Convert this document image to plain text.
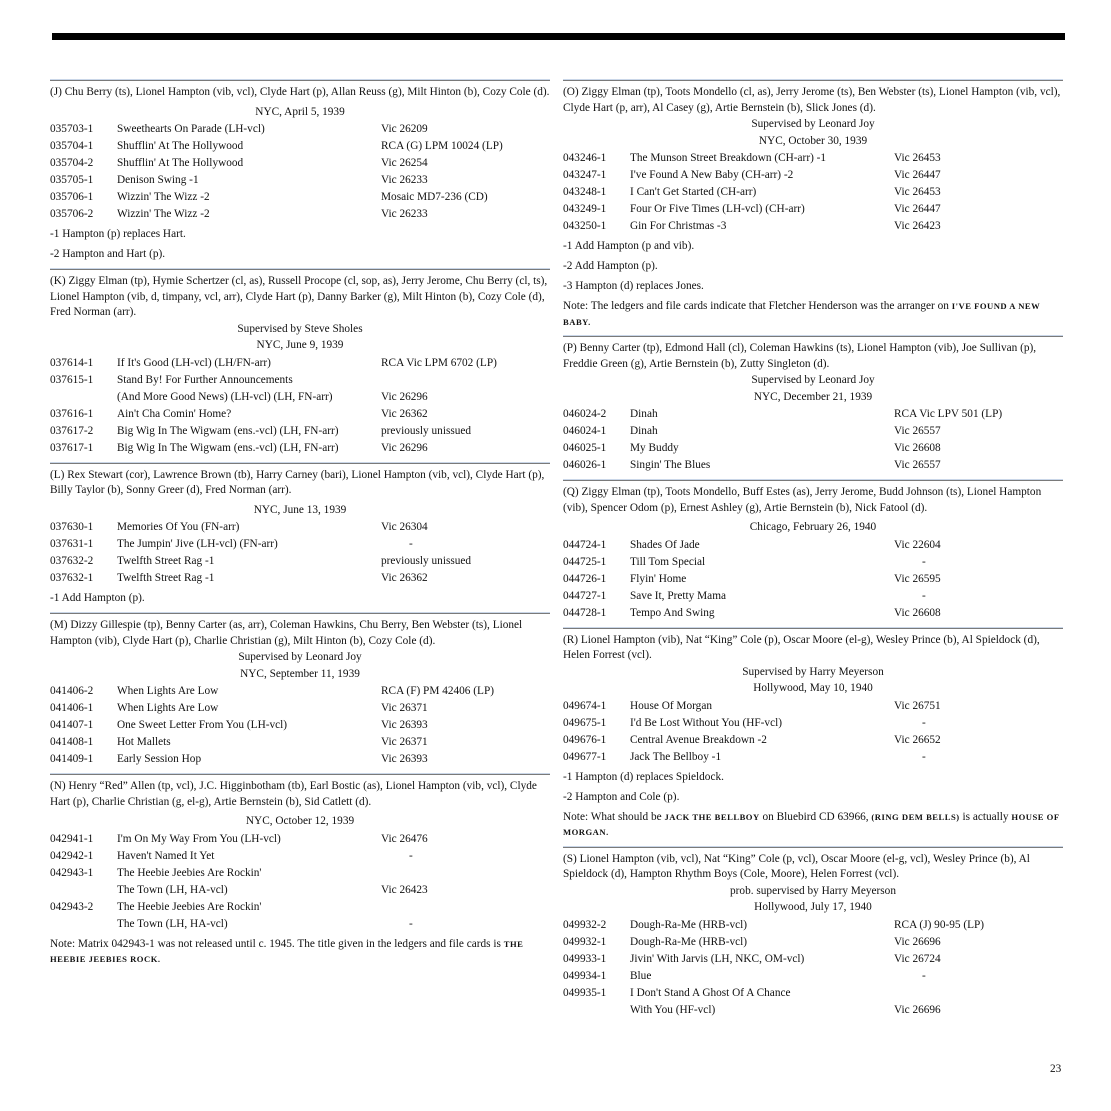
(J) Chu Berry (ts), Lionel Hampton (vib, vcl), Clyde Hart (p), Allan Reuss (g), Milt Hinton (b), Cozy Cole (d).

NYC, April 5, 1939
035703-1	Sweethearts On Parade (LH-vcl)	Vic 26209
035704-1	Shufflin' At The Hollywood	RCA (G) LPM 10024 (LP)
035704-2	Shufflin' At The Hollywood	Vic 26254
035705-1	Denison Swing -1	Vic 26233
035706-1	Wizzin' The Wizz -2	Mosaic MD7-236 (CD)
035706-2	Wizzin' The Wizz -2	Vic 26233

-1 Hampton (p) replaces Hart.

-2 Hampton and Hart (p).

(K) Ziggy Elman (tp), Hymie Schertzer (cl, as), Russell Procope (cl, sop, as), Jerry Jerome, Chu Berry (cl, ts), Lionel Hampton (vib, d, timpany, vcl, arr), Clyde Hart (p), Danny Barker (g), Milt Hinton (b), Cozy Cole (d), Fred Norman (arr).

Supervised by Steve Sholes
NYC, June 9, 1939
037614-1	If It's Good (LH-vcl) (LH/FN-arr)	RCA Vic LPM 6702 (LP)
037615-1	Stand By! For Further Announcements
(And More Good News) (LH-vcl) (LH, FN-arr)	Vic 26296
037616-1	Ain't Cha Comin' Home?	Vic 26362
037617-2	Big Wig In The Wigwam (ens.-vcl) (LH, FN-arr)	previously unissued
037617-1	Big Wig In The Wigwam (ens.-vcl) (LH, FN-arr)	Vic 26296

(L) Rex Stewart (cor), Lawrence Brown (tb), Harry Carney (bari), Lionel Hampton (vib, vcl), Clyde Hart (p), Billy Taylor (b), Sonny Greer (d), Fred Norman (arr).

NYC, June 13, 1939
037630-1	Memories Of You (FN-arr)	Vic 26304
037631-1	The Jumpin' Jive (LH-vcl) (FN-arr)	-
037632-2	Twelfth Street Rag -1	previously unissued
037632-1	Twelfth Street Rag -1	Vic 26362

-1 Add Hampton (p).

(M) Dizzy Gillespie (tp), Benny Carter (as, arr), Coleman Hawkins, Chu Berry, Ben Webster (ts), Lionel Hampton (vib), Clyde Hart (p), Charlie Christian (g), Milt Hinton (b), Cozy Cole (d).

Supervised by Leonard Joy
NYC, September 11, 1939
041406-2	When Lights Are Low	RCA (F) PM 42406 (LP)
041406-1	When Lights Are Low	Vic 26371
041407-1	One Sweet Letter From You (LH-vcl)	Vic 26393
041408-1	Hot Mallets	Vic 26371
041409-1	Early Session Hop	Vic 26393

(N) Henry “Red” Allen (tp, vcl), J.C. Higginbotham (tb), Earl Bostic (as), Lionel Hampton (vib, vcl), Clyde Hart (p), Charlie Christian (g, el-g), Artie Bernstein (b), Sid Catlett (d).

NYC, October 12, 1939
042941-1	I'm On My Way From You (LH-vcl)	Vic 26476
042942-1	Haven't Named It Yet	-
042943-1	The Heebie Jeebies Are Rockin'
The Town (LH, HA-vcl)	Vic 26423
042943-2	The Heebie Jeebies Are Rockin'
The Town (LH, HA-vcl)	-

Note: Matrix 042943-1 was not released until c. 1945. The title given in the ledgers and file cards is THE HEEBIE JEEBIES ROCK.

(O) Ziggy Elman (tp), Toots Mondello (cl, as), Jerry Jerome (ts), Ben Webster (ts), Lionel Hampton (vib, vcl), Clyde Hart (p, arr), Al Casey (g), Artie Bernstein (b), Slick Jones (d).

Supervised by Leonard Joy
NYC, October 30, 1939
043246-1	The Munson Street Breakdown (CH-arr) -1	Vic 26453
043247-1	I've Found A New Baby (CH-arr) -2	Vic 26447
043248-1	I Can't Get Started (CH-arr)	Vic 26453
043249-1	Four Or Five Times (LH-vcl) (CH-arr)	Vic 26447
043250-1	Gin For Christmas -3	Vic 26423

-1 Add Hampton (p and vib).

-2 Add Hampton (p).

-3 Hampton (d) replaces Jones.

Note: The ledgers and file cards indicate that Fletcher Henderson was the arranger on I'VE FOUND A NEW BABY.

(P) Benny Carter (tp), Edmond Hall (cl), Coleman Hawkins (ts), Lionel Hampton (vib), Joe Sullivan (p), Freddie Green (g), Artie Bernstein (b), Zutty Singleton (d).

Supervised by Leonard Joy
NYC, December 21, 1939
046024-2	Dinah	RCA Vic LPV 501 (LP)
046024-1	Dinah	Vic 26557
046025-1	My Buddy	Vic 26608
046026-1	Singin' The Blues	Vic 26557

(Q) Ziggy Elman (tp), Toots Mondello, Buff Estes (as), Jerry Jerome, Budd Johnson (ts), Lionel Hampton (vib), Spencer Odom (p), Ernest Ashley (g), Artie Bernstein (b), Nick Fatool (d).

Chicago, February 26, 1940
044724-1	Shades Of Jade	Vic 22604
044725-1	Till Tom Special	-
044726-1	Flyin' Home	Vic 26595
044727-1	Save It, Pretty Mama	-
044728-1	Tempo And Swing	Vic 26608

(R) Lionel Hampton (vib), Nat “King” Cole (p), Oscar Moore (el-g), Wesley Prince (b), Al Spieldock (d), Helen Forrest (vcl).

Supervised by Harry Meyerson
Hollywood, May 10, 1940
049674-1	House Of Morgan	Vic 26751
049675-1	I'd Be Lost Without You (HF-vcl)	-
049676-1	Central Avenue Breakdown -2	Vic 26652
049677-1	Jack The Bellboy -1	-

-1 Hampton (d) replaces Spieldock.

-2 Hampton and Cole (p).

Note: What should be JACK THE BELLBOY on Bluebird CD 63966, (RING DEM BELLS) is actually HOUSE OF MORGAN.

(S) Lionel Hampton (vib, vcl), Nat “King” Cole (p, vcl), Oscar Moore (el-g, vcl), Wesley Prince (b), Al Spieldock (d), Hampton Rhythm Boys (Cole, Moore), Helen Forrest (vcl).

prob. supervised by Harry Meyerson
Hollywood, July 17, 1940
049932-2	Dough-Ra-Me (HRB-vcl)	RCA (J) 90-95 (LP)
049932-1	Dough-Ra-Me (HRB-vcl)	Vic 26696
049933-1	Jivin' With Jarvis (LH, NKC, OM-vcl)	Vic 26724
049934-1	Blue	-
049935-1	I Don't Stand A Ghost Of A Chance
With You (HF-vcl)	Vic 26696
23
